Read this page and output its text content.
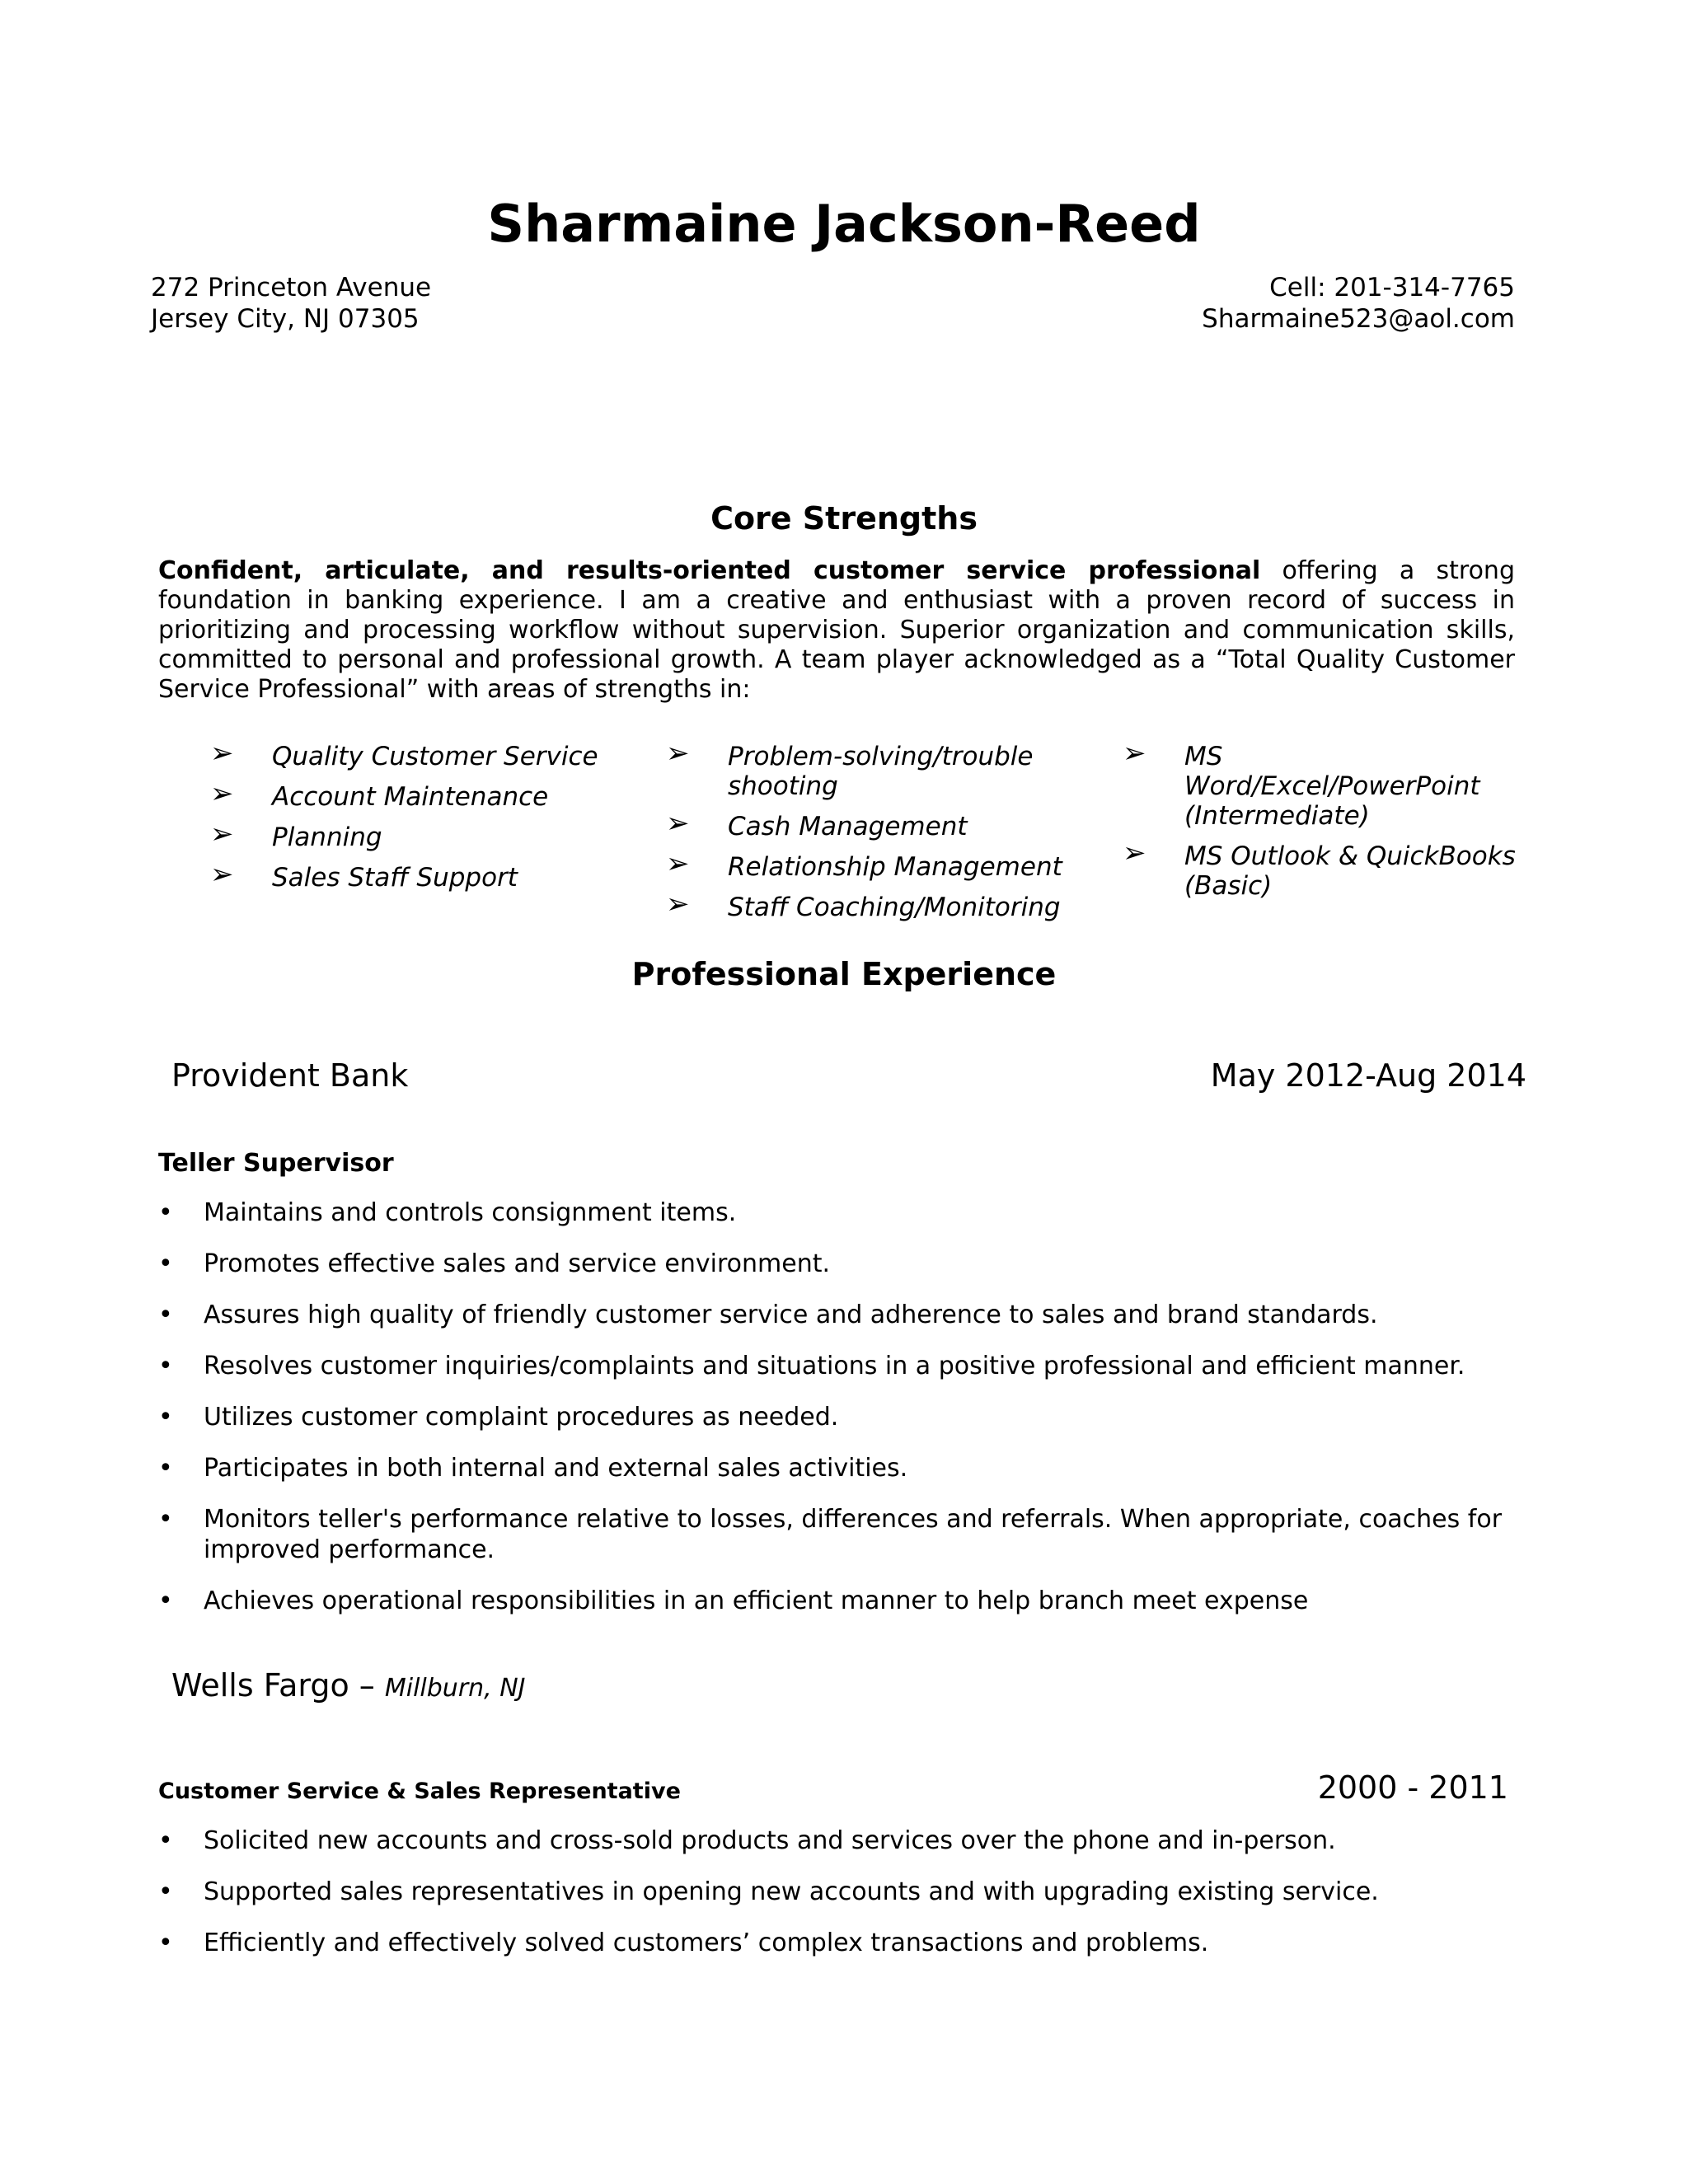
Sharmaine Jackson-Reed
272 Princeton Avenue
Jersey City, NJ 07305
Cell: 201-314-7765
Sharmaine523@aol.com
Core Strengths
Confident, articulate, and results-oriented customer service professional offering a strong foundation in banking experience. I am a creative and enthusiast with a proven record of success in prioritizing and processing workflow without supervision. Superior organization and communication skills, committed to personal and professional growth. A team player acknowledged as a “Total Quality Customer Service Professional” with areas of strengths in:
➢ Quality Customer Service
➢ Account Maintenance
➢ Planning
➢ Sales Staff Support
➢ Problem-solving/troubleshooting
➢ Cash Management
➢ Relationship Management
➢ Staff Coaching/Monitoring
➢ MS Word/Excel/PowerPoint (Intermediate)
➢ MS Outlook & QuickBooks (Basic)
Professional Experience
Provident Bank	May 2012-Aug 2014
Teller Supervisor
• Maintains and controls consignment items.
• Promotes effective sales and service environment.
• Assures high quality of friendly customer service and adherence to sales and brand standards.
• Resolves customer inquiries/complaints and situations in a positive professional and efficient manner.
• Utilizes customer complaint procedures as needed.
• Participates in both internal and external sales activities.
• Monitors teller's performance relative to losses, differences and referrals. When appropriate, coaches for improved performance.
• Achieves operational responsibilities in an efficient manner to help branch meet expense
Wells Fargo – Millburn, NJ
Customer Service & Sales Representative	2000 - 2011
• Solicited new accounts and cross-sold products and services over the phone and in-person.
• Supported sales representatives in opening new accounts and with upgrading existing service.
• Efficiently and effectively solved customers’ complex transactions and problems.
